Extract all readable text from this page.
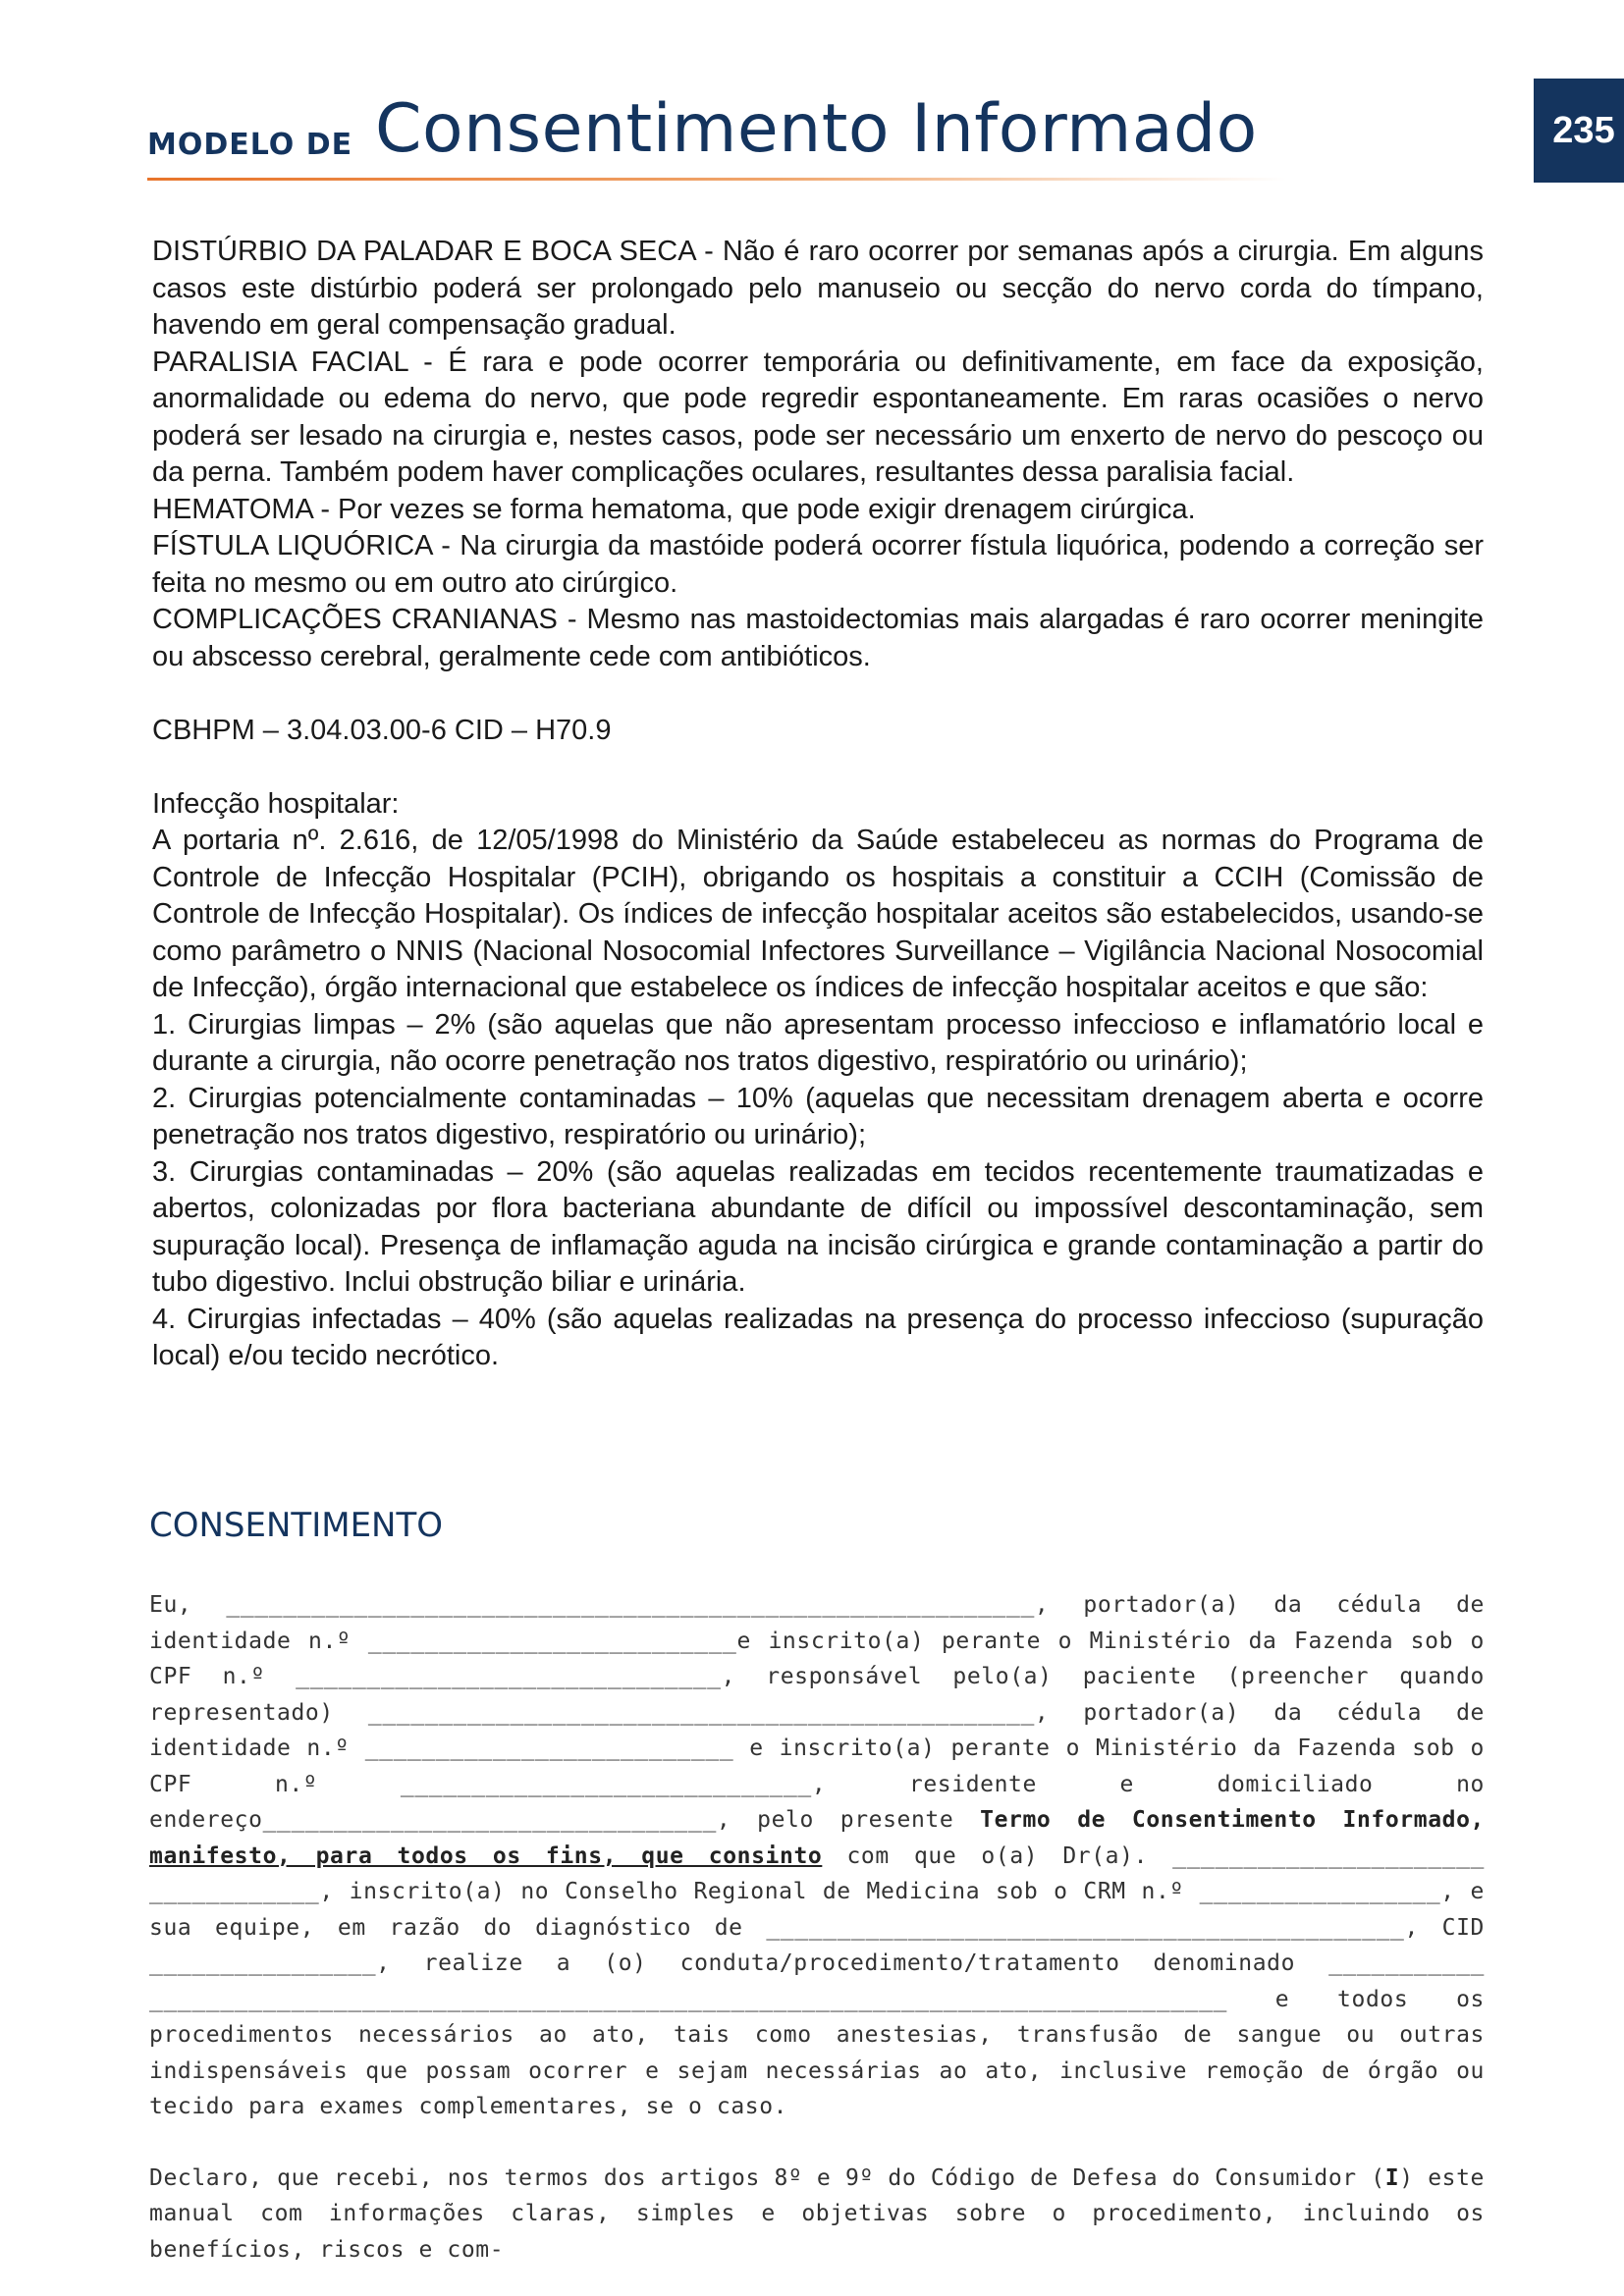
MODELO DE Consentimento Informado	235

DISTÚRBIO DA PALADAR E BOCA SECA - Não é raro ocorrer por semanas após a cirurgia. Em alguns casos este distúrbio poderá ser prolongado pelo manuseio ou secção do nervo corda do tímpano, havendo em geral compensação gradual.

PARALISIA FACIAL - É rara e pode ocorrer temporária ou definitivamente, em face da exposição, anormalidade ou edema do nervo, que pode regredir espontaneamente. Em raras ocasiões o nervo poderá ser lesado na cirurgia e, nestes casos, pode ser necessário um enxerto de nervo do pescoço ou da perna. Também podem haver complicações oculares, resultantes dessa paralisia facial.

HEMATOMA - Por vezes se forma hematoma, que pode exigir drenagem cirúrgica.

FÍSTULA LIQUÓRICA - Na cirurgia da mastóide poderá ocorrer fístula liquórica, podendo a correção ser feita no mesmo ou em outro ato cirúrgico.

COMPLICAÇÕES CRANIANAS - Mesmo nas mastoidectomias mais alargadas é raro ocorrer meningite ou abscesso cerebral, geralmente cede com antibióticos.

CBHPM – 3.04.03.00-6 CID – H70.9

Infecção hospitalar:

A portaria nº. 2.616, de 12/05/1998 do Ministério da Saúde estabeleceu as normas do Programa de Controle de Infecção Hospitalar (PCIH), obrigando os hospitais a constituir a CCIH (Comissão de Controle de Infecção Hospitalar). Os índices de infecção hospitalar aceitos são estabelecidos, usando-se como parâmetro o NNIS (Nacional Nosocomial Infectores Surveillance – Vigilância Nacional Nosocomial de Infecção), órgão internacional que estabelece os índices de infecção hospitalar aceitos e que são:

1. Cirurgias limpas – 2% (são aquelas que não apresentam processo infeccioso e inflamatório local e durante a cirurgia, não ocorre penetração nos tratos digestivo, respiratório ou urinário);

2. Cirurgias potencialmente contaminadas – 10% (aquelas que necessitam drenagem aberta e ocorre penetração nos tratos digestivo, respiratório ou urinário);

3. Cirurgias contaminadas – 20% (são aquelas realizadas em tecidos recentemente traumatizadas e abertos, colonizadas por flora bacteriana abundante de difícil ou impossível descontaminação, sem supuração local). Presença de inflamação aguda na incisão cirúrgica e grande contaminação a partir do tubo digestivo. Inclui obstrução biliar e urinária.

4. Cirurgias infectadas – 40% (são aquelas realizadas na presença do processo infeccioso (supuração local) e/ou tecido necrótico.

CONSENTIMENTO

Eu, _________________________________________________________, portador(a) da cédula de identidade n.º __________________________e inscrito(a) perante o Ministério da Fazenda sob o CPF n.º ______________________________, responsável pelo(a) paciente (preencher quando representado) _______________________________________________, portador(a) da cédula de identidade n.º __________________________ e inscrito(a) perante o Ministério da Fazenda sob o CPF n.º _____________________________, residente e domiciliado no endereço________________________________, pelo presente Termo de Consentimento Informado, manifesto, para todos os fins, que consinto com que o(a) Dr(a). ______________________ ____________, inscrito(a) no Conselho Regional de Medicina sob o CRM n.º _________________, e sua equipe, em razão do diagnóstico de _____________________________________________, CID ________________, realize a (o) conduta/procedimento/tratamento denominado ___________ ____________________________________________________________________________ e todos os procedimentos necessários ao ato, tais como anestesias, transfusão de sangue ou outras indispensáveis que possam ocorrer e sejam necessárias ao ato, inclusive remoção de órgão ou tecido para exames complementares, se o caso.

Declaro, que recebi, nos termos dos artigos 8º e 9º do Código de Defesa do Consumidor (I) este manual com informações claras, simples e objetivas sobre o procedimento, incluindo os benefícios, riscos e com-
